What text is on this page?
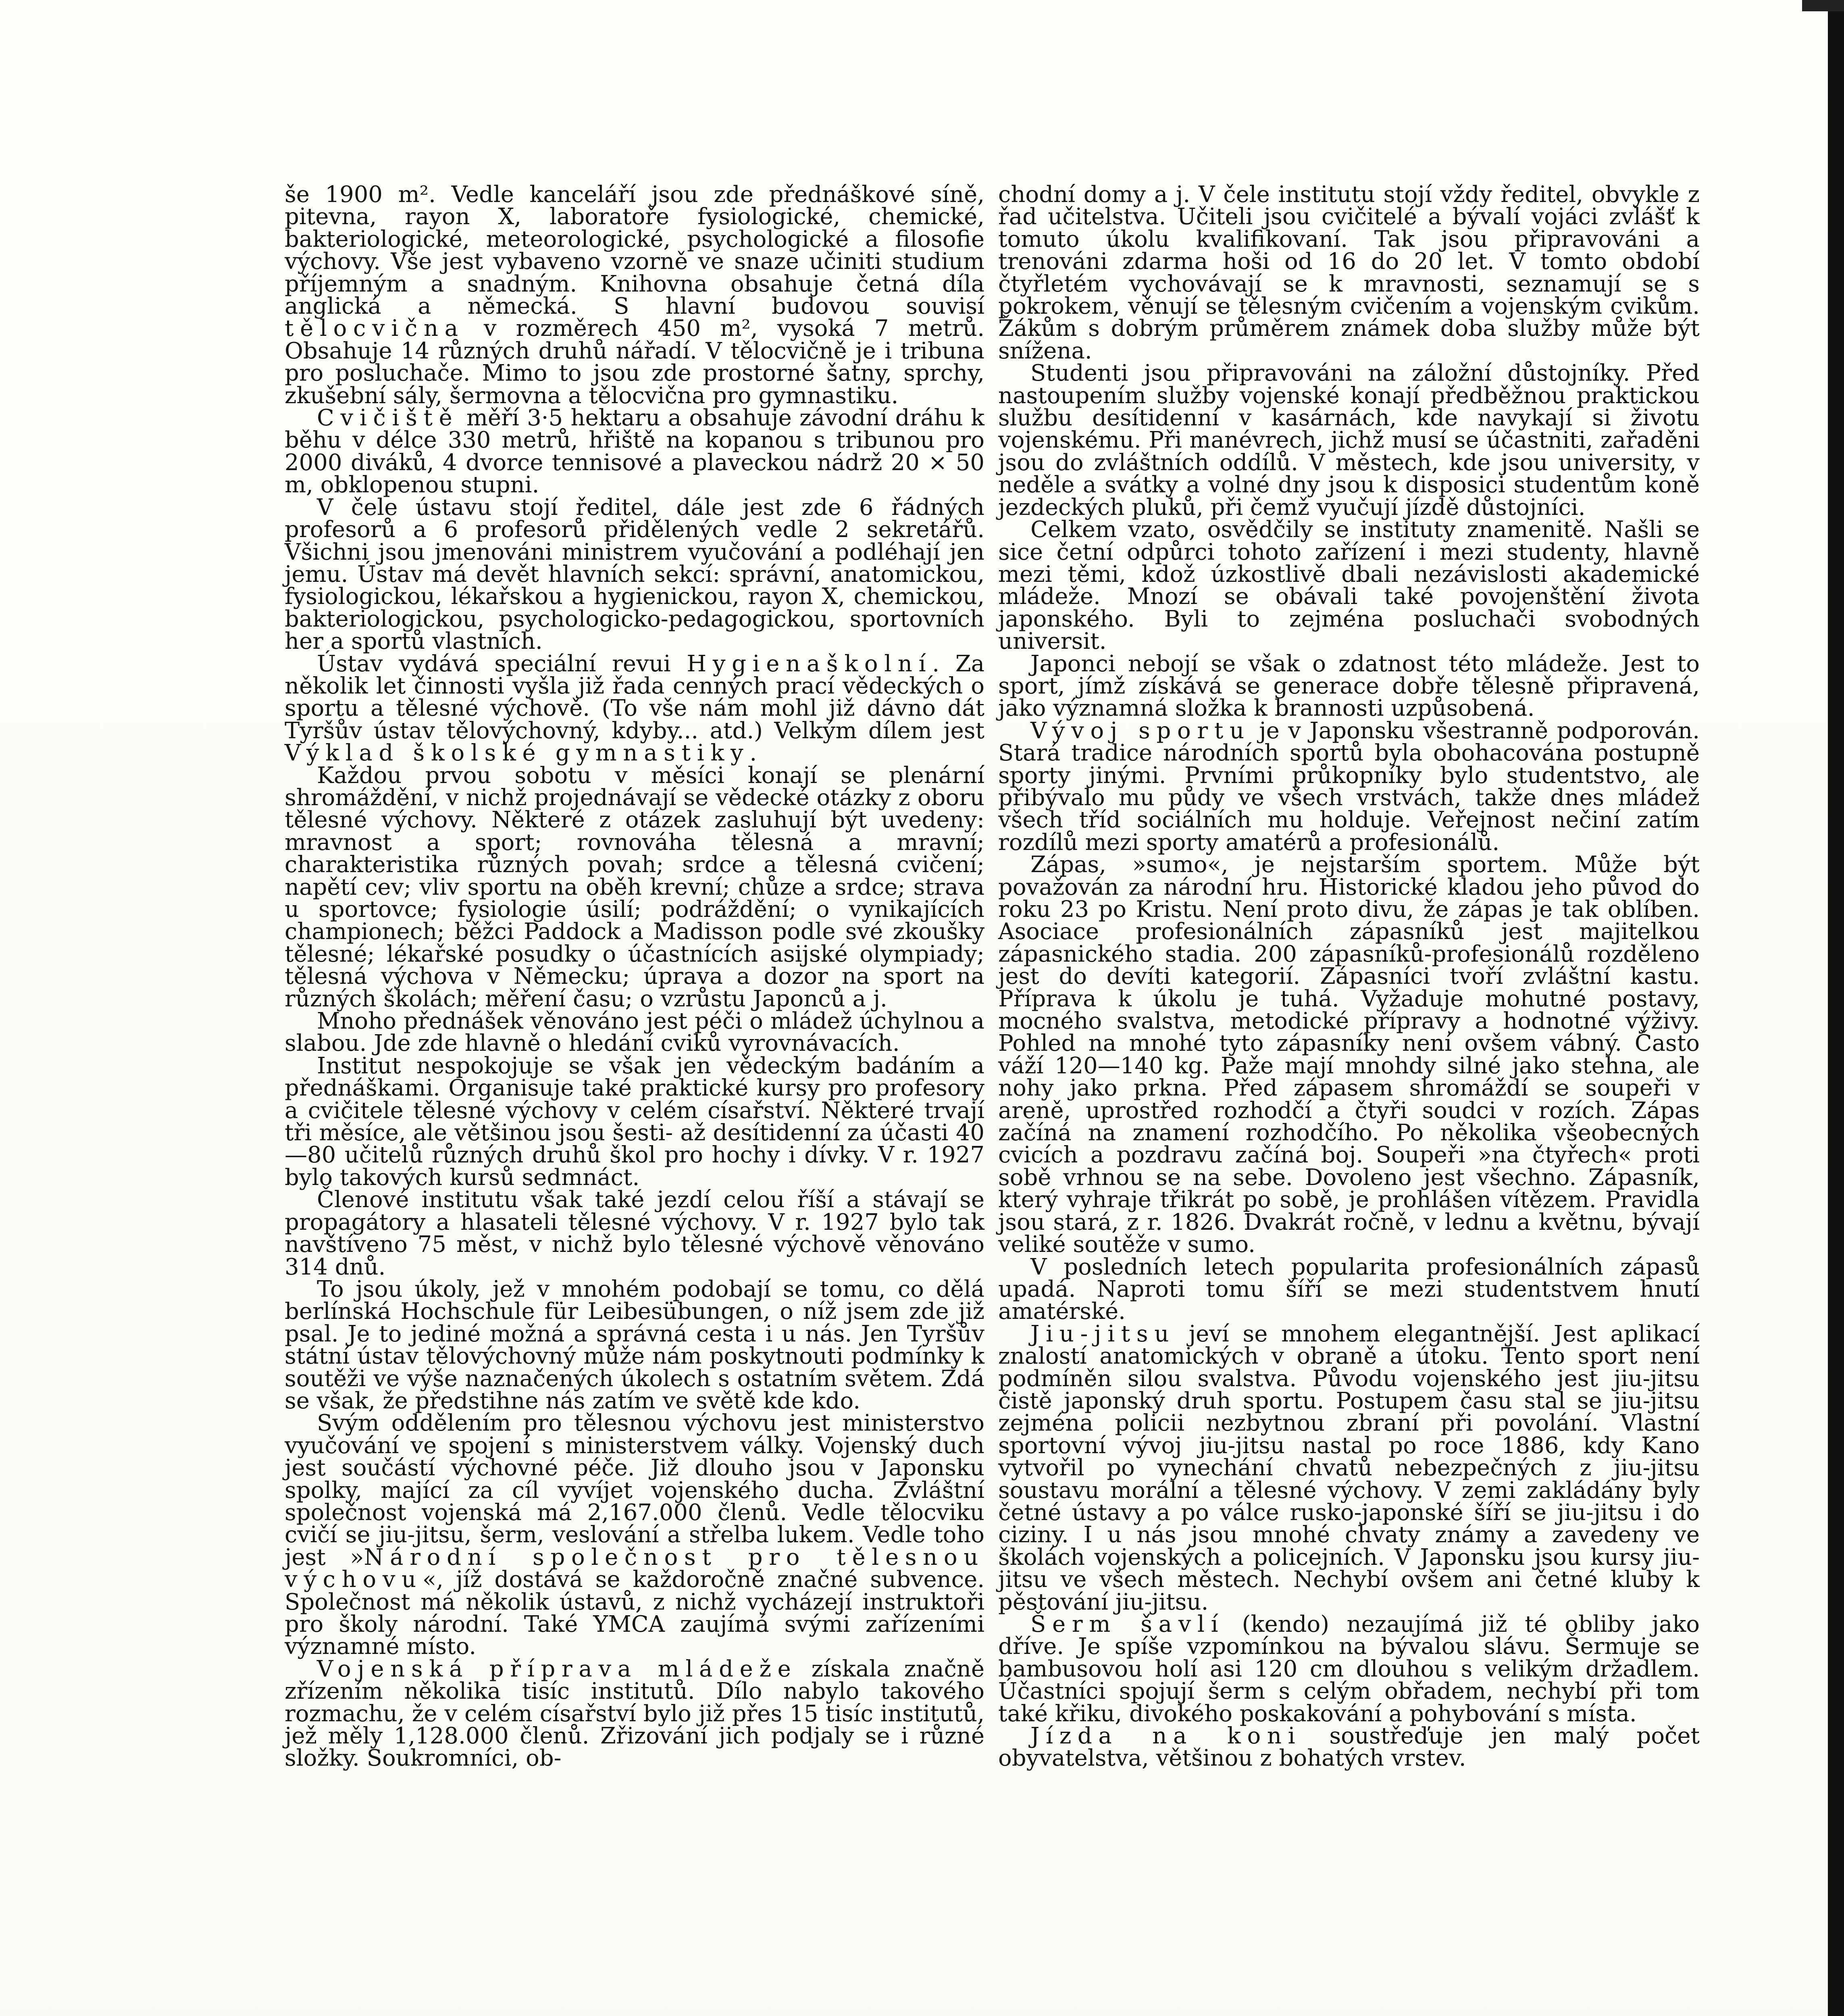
še 1900 m². Vedle kanceláří jsou zde přednáškové síně, pitevna, rayon X, laboratoře fysiologické, chemické, bakteriologické, meteorologické, psychologické a filosofie výchovy. Vše jest vybaveno vzorně ve snaze učiniti studium příjemným a snadným. Knihovna obsahuje četná díla anglická a německá. S hlavní budovou souvisí tělocvična v rozměrech 450 m², vysoká 7 metrů. Obsahuje 14 různých druhů nářadí. V tělocvičně je i tribuna pro posluchače. Mimo to jsou zde prostorné šatny, sprchy, zkušební sály, šermovna a tělocvična pro gymnastiku.

Cvičiště měří 3·5 hektaru a obsahuje závodní dráhu k běhu v délce 330 metrů, hřiště na kopanou s tribunou pro 2000 diváků, 4 dvorce tennisové a plaveckou nádrž 20 × 50 m, obklopenou stupni.

V čele ústavu stojí ředitel, dále jest zde 6 řádných profesorů a 6 profesorů přidělených vedle 2 sekretářů. Všichni jsou jmenováni ministrem vyučování a podléhají jen jemu. Ústav má devět hlavních sekcí: správní, anatomickou, fysiologickou, lékařskou a hygienickou, rayon X, chemickou, bakteriologickou, psychologicko-pedagogickou, sportovních her a sportů vlastních.

Ústav vydává speciální revui Hygienaškolní. Za několik let činnosti vyšla již řada cenných prací vědeckých o sportu a tělesné výchově. (To vše nám mohl již dávno dát Tyršův ústav tělovýchovný, kdyby... atd.) Velkým dílem jest Výklad školské gymnastiky.

Každou prvou sobotu v měsíci konají se plenární shromáždění, v nichž projednávají se vědecké otázky z oboru tělesné výchovy. Některé z otázek zasluhují být uvedeny: mravnost a sport; rovnováha tělesná a mravní; charakteristika různých povah; srdce a tělesná cvičení; napětí cev; vliv sportu na oběh krevní; chůze a srdce; strava u sportovce; fysiologie úsilí; podráždění; o vynikajících championech; běžci Paddock a Madisson podle své zkoušky tělesné; lékařské posudky o účastnících asijské olympiady; tělesná výchova v Německu; úprava a dozor na sport na různých školách; měření času; o vzrůstu Japonců a j.

Mnoho přednášek věnováno jest péči o mládež úchylnou a slabou. Jde zde hlavně o hledání cviků vyrovnávacích.

Institut nespokojuje se však jen vědeckým badáním a přednáškami. Organisuje také praktické kursy pro profesory a cvičitele tělesné výchovy v celém císařství. Některé trvají tři měsíce, ale většinou jsou šesti- až desítidenní za účasti 40—80 učitelů různých druhů škol pro hochy i dívky. V r. 1927 bylo takových kursů sedmnáct.

Členové institutu však také jezdí celou říší a stávají se propagátory a hlasateli tělesné výchovy. V r. 1927 bylo tak navštíveno 75 měst, v nichž bylo tělesné výchově věnováno 314 dnů.

To jsou úkoly, jež v mnohém podobají se tomu, co dělá berlínská Hochschule für Leibesübungen, o níž jsem zde již psal. Je to jediné možná a správná cesta i u nás. Jen Tyršův státní ústav tělovýchovný může nám poskytnouti podmínky k soutěži ve výše naznačených úkolech s ostatním světem. Zdá se však, že předstihne nás zatím ve světě kde kdo.

Svým oddělením pro tělesnou výchovu jest ministerstvo vyučování ve spojení s ministerstvem války. Vojenský duch jest součástí výchovné péče. Již dlouho jsou v Japonsku spolky, mající za cíl vyvíjet vojenského ducha. Zvláštní společnost vojenská má 2,167.000 členů. Vedle tělocviku cvičí se jiu-jitsu, šerm, veslování a střelba lukem. Vedle toho jest »Národní společnost pro tělesnou výchovu«, jíž dostává se každoročně značné subvence. Společnost má několik ústavů, z nichž vycházejí instruktoři pro školy národní. Také YMCA zaujímá svými zařízeními významné místo.

Vojenská příprava mládeže získala značně zřízením několika tisíc institutů. Dílo nabylo takového rozmachu, že v celém císařství bylo již přes 15 tisíc institutů, jež měly 1,128.000 členů. Zřizování jich podjaly se i různé složky. Soukromníci, ob-

chodní domy a j. V čele institutu stojí vždy ředitel, obvykle z řad učitelstva. Učiteli jsou cvičitelé a bývalí vojáci zvlášť k tomuto úkolu kvalifikovaní. Tak jsou připravováni a trenováni zdarma hoši od 16 do 20 let. V tomto období čtyřletém vychovávají se k mravnosti, seznamují se s pokrokem, věnují se tělesným cvičením a vojenským cvikům. Žákům s dobrým průměrem známek doba služby může být snížena.

Studenti jsou připravováni na záložní důstojníky. Před nastoupením služby vojenské konají předběžnou praktickou službu desítidenní v kasárnách, kde navykají si životu vojenskému. Při manévrech, jichž musí se účastniti, zařaděni jsou do zvláštních oddílů. V městech, kde jsou university, v neděle a svátky a volné dny jsou k disposici studentům koně jezdeckých pluků, při čemž vyučují jízdě důstojníci.

Celkem vzato, osvědčily se instituty znamenitě. Našli se sice četní odpůrci tohoto zařízení i mezi studenty, hlavně mezi těmi, kdož úzkostlivě dbali nezávislosti akademické mládeže. Mnozí se obávali také povojenštění života japonského. Byli to zejména posluchači svobodných universit.

Japonci nebojí se však o zdatnost této mládeže. Jest to sport, jímž získává se generace dobře tělesně připravená, jako významná složka k brannosti uzpůsobená.

Vývoj sportu je v Japonsku všestranně podporován. Stará tradice národních sportů byla obohacována postupně sporty jinými. Prvními průkopníky bylo studentstvo, ale přibývalo mu půdy ve všech vrstvách, takže dnes mládež všech tříd sociálních mu holduje. Veřejnost nečiní zatím rozdílů mezi sporty amatérů a profesionálů.

Zápas, »sumo«, je nejstarším sportem. Může být považován za národní hru. Historické kladou jeho původ do roku 23 po Kristu. Není proto divu, že zápas je tak oblíben. Asociace profesionálních zápasníků jest majitelkou zápasnického stadia. 200 zápasníků-profesionálů rozděleno jest do devíti kategorií. Zápasníci tvoří zvláštní kastu. Příprava k úkolu je tuhá. Vyžaduje mohutné postavy, mocného svalstva, metodické přípravy a hodnotné výživy. Pohled na mnohé tyto zápasníky není ovšem vábný. Často váží 120—140 kg. Paže mají mnohdy silné jako stehna, ale nohy jako prkna. Před zápasem shromáždí se soupeři v areně, uprostřed rozhodčí a čtyři soudci v rozích. Zápas začíná na znamení rozhodčího. Po několika všeobecných cvicích a pozdravu začíná boj. Soupeři »na čtyřech« proti sobě vrhnou se na sebe. Dovoleno jest všechno. Zápasník, který vyhraje třikrát po sobě, je prohlášen vítězem. Pravidla jsou stará, z r. 1826. Dvakrát ročně, v lednu a květnu, bývají veliké soutěže v sumo.

V posledních letech popularita profesionálních zápasů upadá. Naproti tomu šíří se mezi studentstvem hnutí amatérské.

Jiu-jitsu jeví se mnohem elegantnější. Jest aplikací znalostí anatomických v obraně a útoku. Tento sport není podmíněn silou svalstva. Původu vojenského jest jiu-jitsu čistě japonský druh sportu. Postupem času stal se jiu-jitsu zejména policii nezbytnou zbraní při povolání. Vlastní sportovní vývoj jiu-jitsu nastal po roce 1886, kdy Kano vytvořil po vynechání chvatů nebezpečných z jiu-jitsu soustavu morální a tělesné výchovy. V zemi zakládány byly četné ústavy a po válce rusko-japonské šíří se jiu-jitsu i do ciziny. I u nás jsou mnohé chvaty známy a zavedeny ve školách vojenských a policejních. V Japonsku jsou kursy jiu-jitsu ve všech městech. Nechybí ovšem ani četné kluby k pěstování jiu-jitsu.

Šerm šavlí (kendo) nezaujímá již té obliby jako dříve. Je spíše vzpomínkou na bývalou slávu. Šermuje se bambusovou holí asi 120 cm dlouhou s velikým držadlem. Účastníci spojují šerm s celým obřadem, nechybí při tom také křiku, divokého poskakování a pohybování s místa.

Jízda na koni soustřeďuje jen malý počet obyvatelstva, většinou z bohatých vrstev.
